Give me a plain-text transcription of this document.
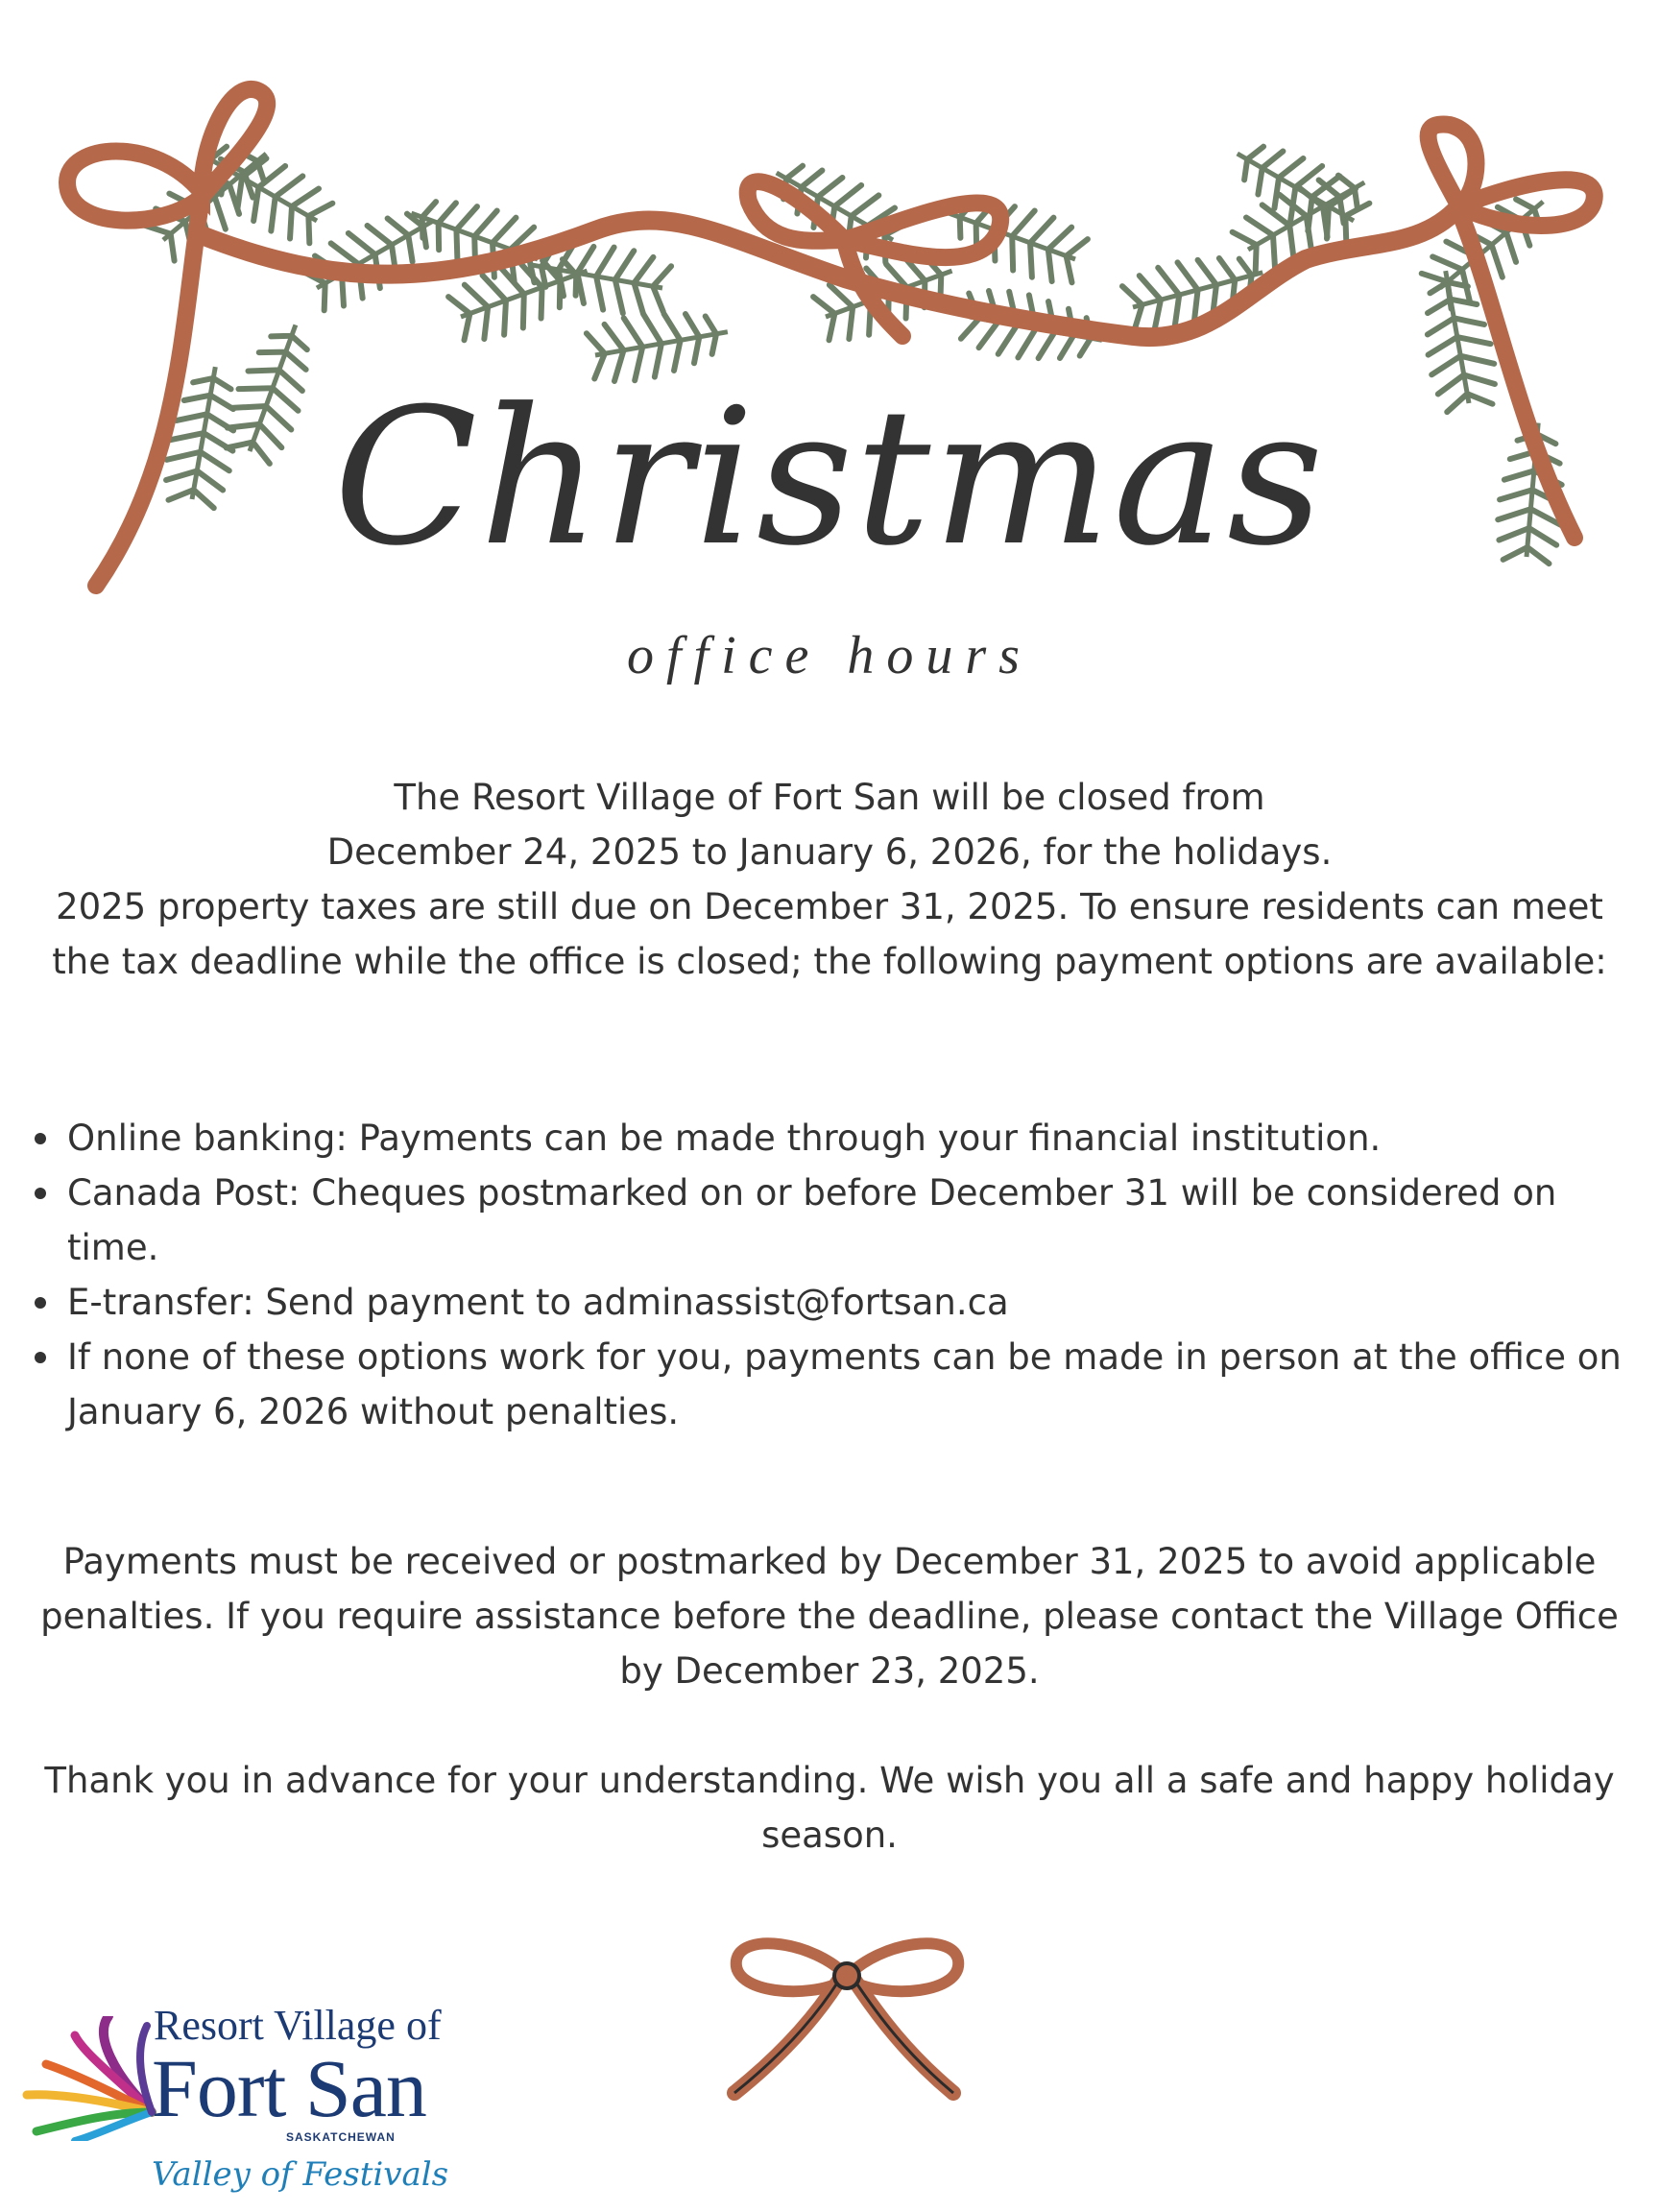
Christmas
office hours
The Resort Village of Fort San will be closed from
December 24, 2025 to January 6, 2026, for the holidays.
2025 property taxes are still due on December 31, 2025. To ensure residents can meet the tax deadline while the office is closed; the following payment options are available:
Online banking: Payments can be made through your financial institution.
Canada Post: Cheques postmarked on or before December 31 will be considered on time.
E-transfer: Send payment to adminassist@fortsan.ca
If none of these options work for you, payments can be made in person at the office on January 6, 2026 without penalties.

Payments must be received or postmarked by December 31, 2025 to avoid applicable penalties. If you require assistance before the deadline, please contact the Village Office by December 23, 2025.

Thank you in advance for your understanding. We wish you all a safe and happy holiday season.

Resort Village of
Fort San
SASKATCHEWAN
Valley of Festivals
